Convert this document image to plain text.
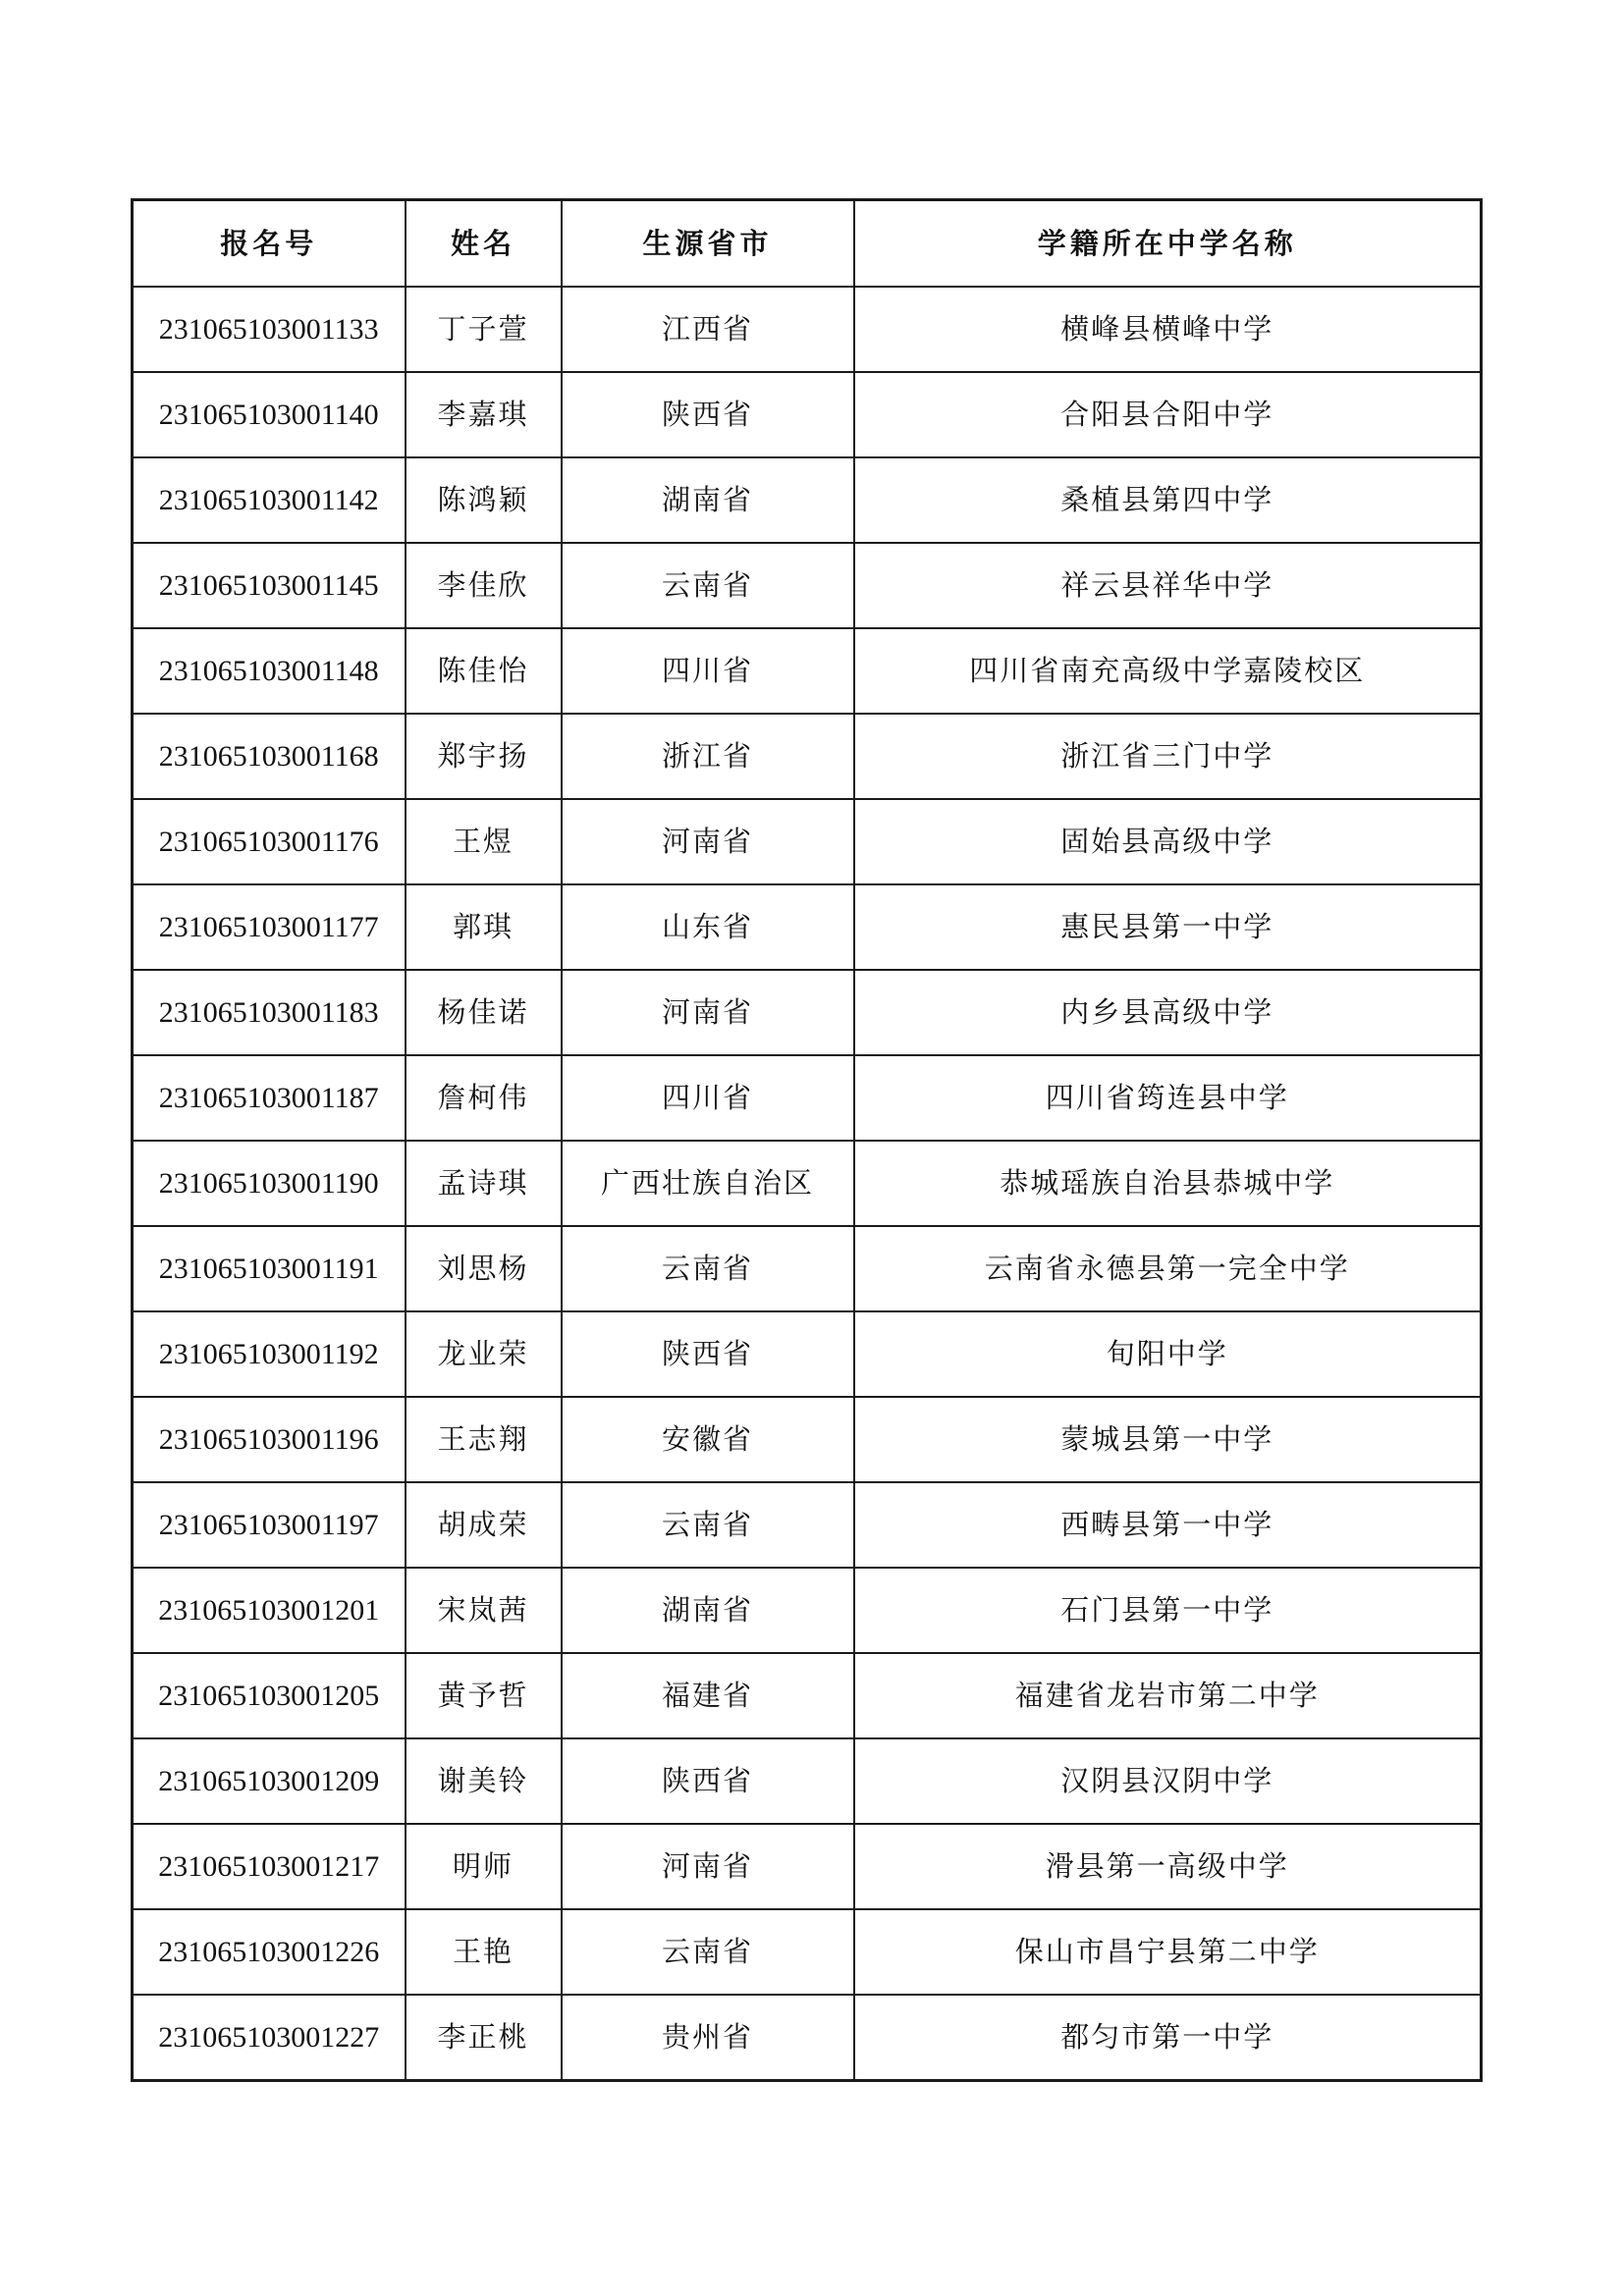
报名号	姓名	生源省市	学籍所在中学名称
231065103001133	丁子萱	江西省	横峰县横峰中学
231065103001140	李嘉琪	陕西省	合阳县合阳中学
231065103001142	陈鸿颖	湖南省	桑植县第四中学
231065103001145	李佳欣	云南省	祥云县祥华中学
231065103001148	陈佳怡	四川省	四川省南充高级中学嘉陵校区
231065103001168	郑宇扬	浙江省	浙江省三门中学
231065103001176	王煜	河南省	固始县高级中学
231065103001177	郭琪	山东省	惠民县第一中学
231065103001183	杨佳诺	河南省	内乡县高级中学
231065103001187	詹柯伟	四川省	四川省筠连县中学
231065103001190	孟诗琪	广西壮族自治区	恭城瑶族自治县恭城中学
231065103001191	刘思杨	云南省	云南省永德县第一完全中学
231065103001192	龙业荣	陕西省	旬阳中学
231065103001196	王志翔	安徽省	蒙城县第一中学
231065103001197	胡成荣	云南省	西畴县第一中学
231065103001201	宋岚茜	湖南省	石门县第一中学
231065103001205	黄予哲	福建省	福建省龙岩市第二中学
231065103001209	谢美铃	陕西省	汉阴县汉阴中学
231065103001217	明师	河南省	滑县第一高级中学
231065103001226	王艳	云南省	保山市昌宁县第二中学
231065103001227	李正桃	贵州省	都匀市第一中学
